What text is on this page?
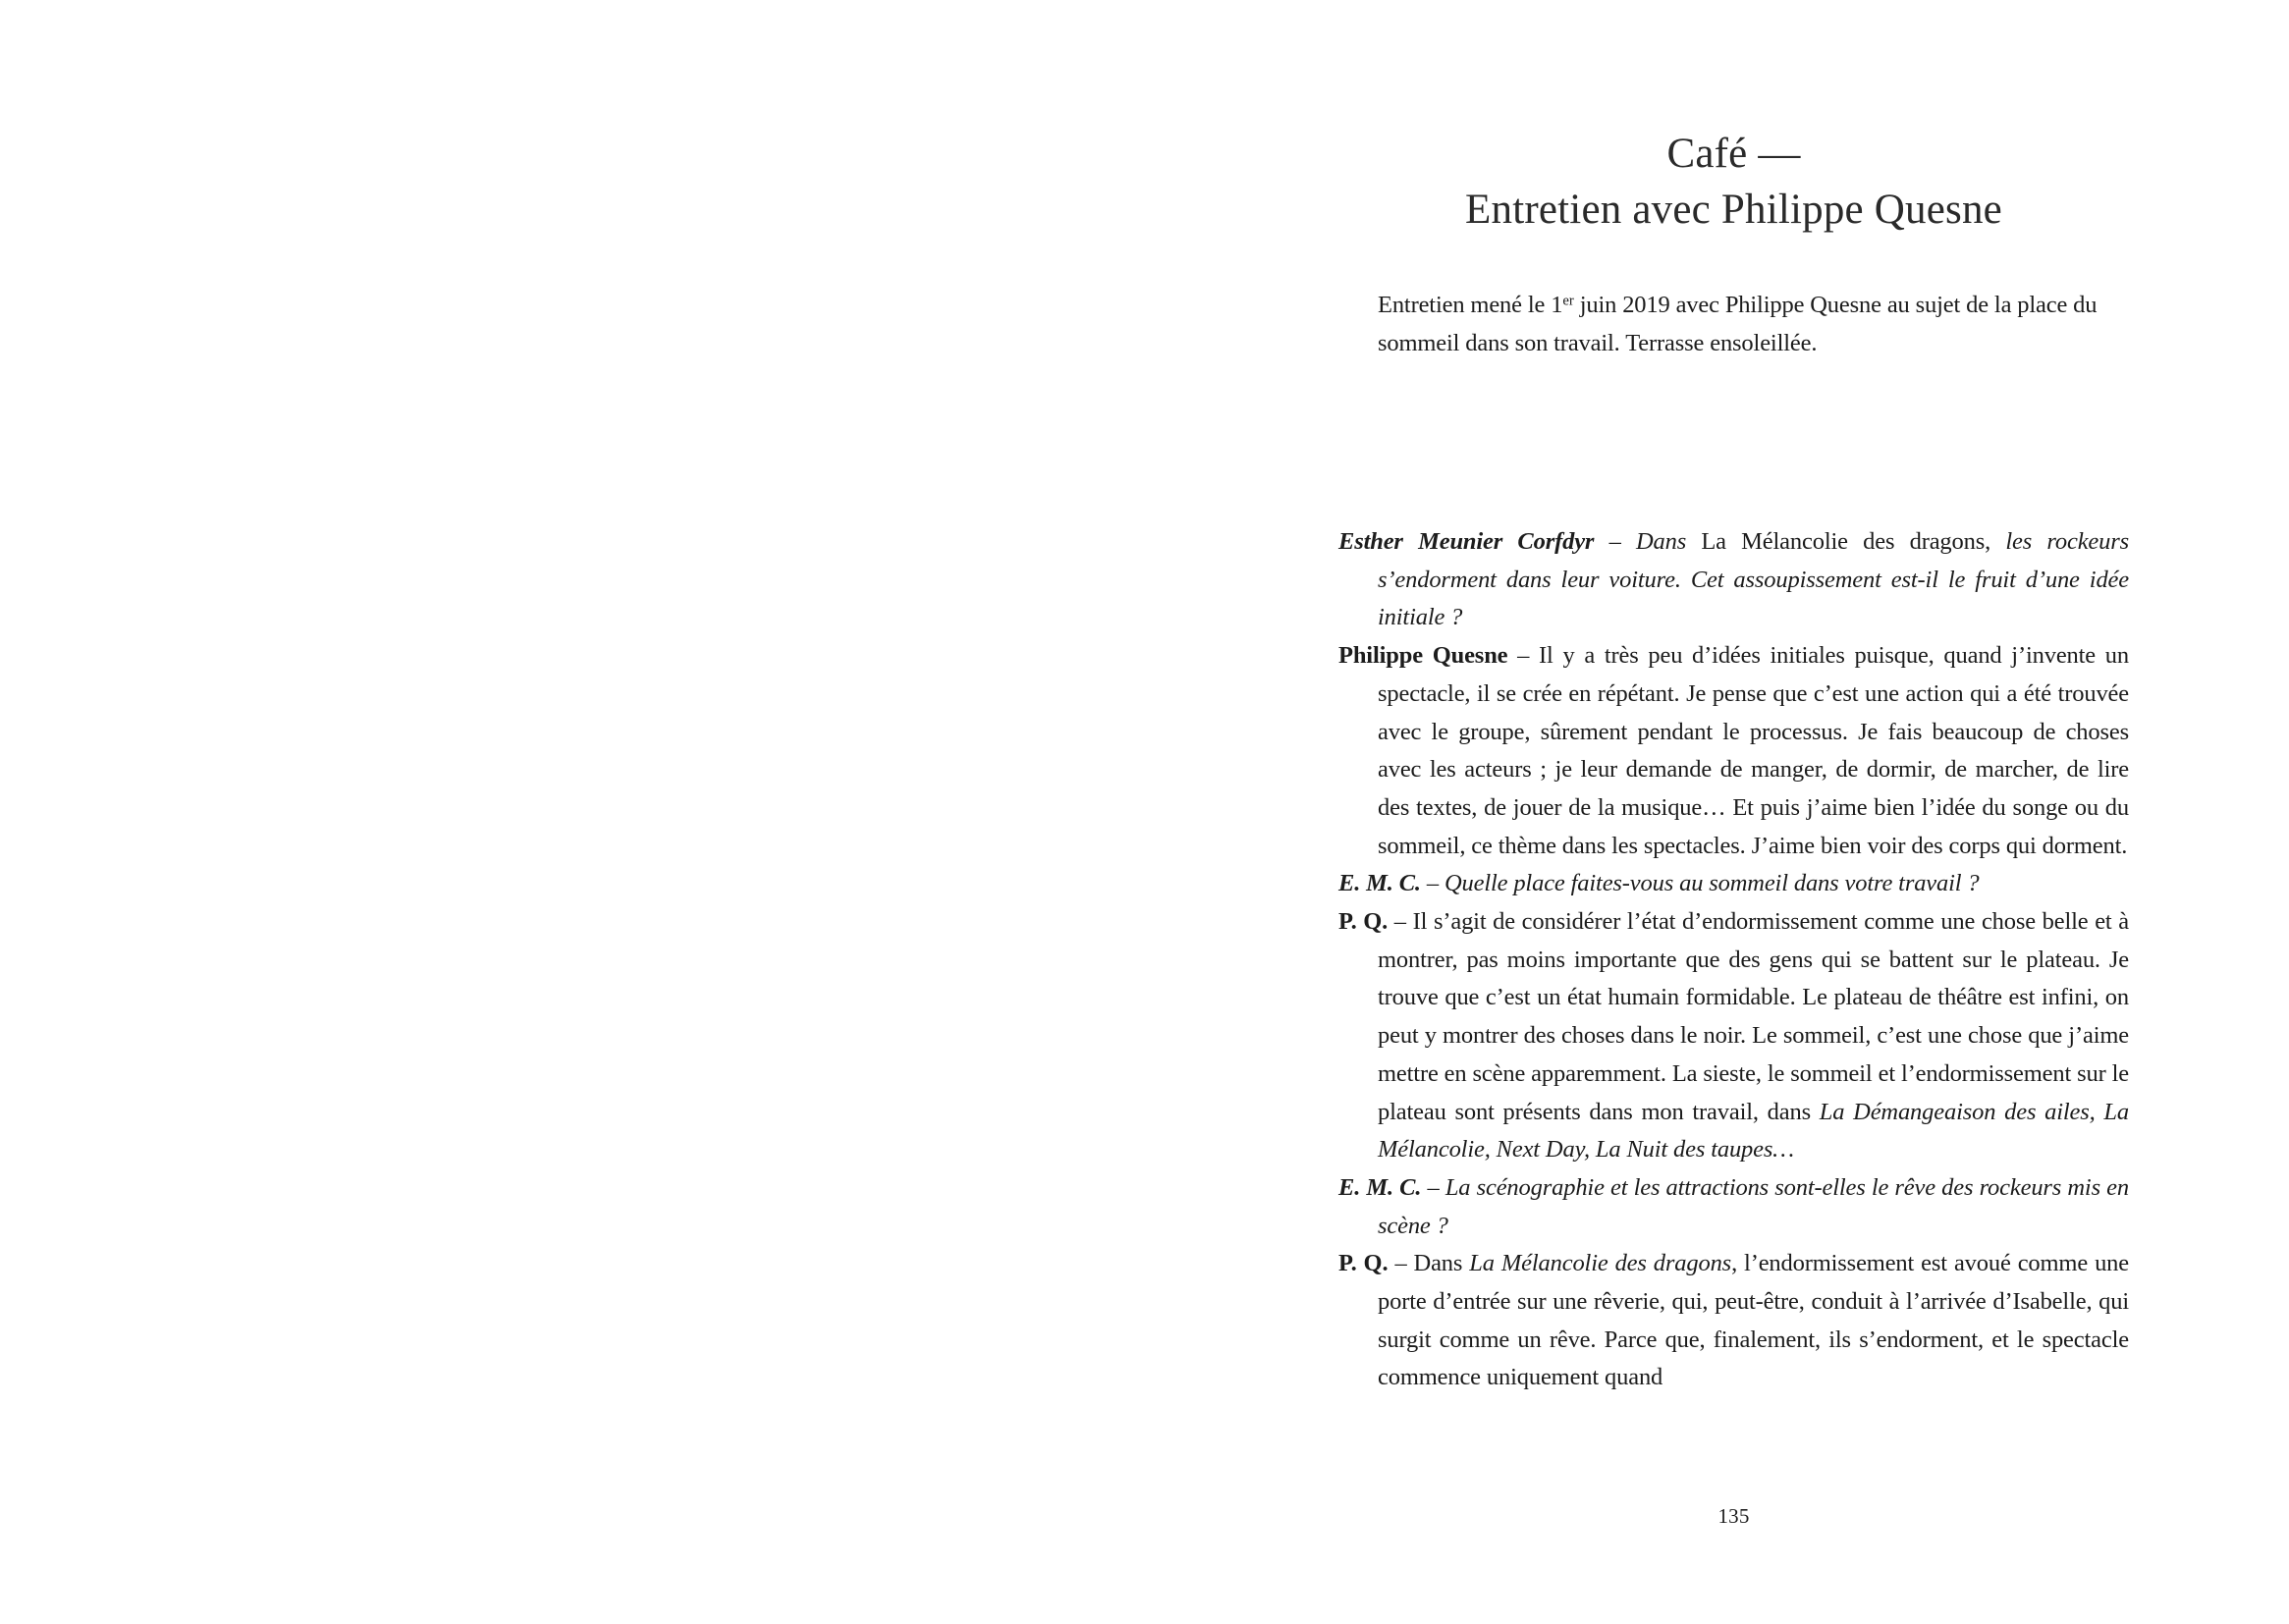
Café —
Entretien avec Philippe Quesne

Entretien mené le 1er juin 2019 avec Philippe Quesne au sujet de la place du sommeil dans son travail. Terrasse ensoleillée.

Esther Meunier Corfdyr – Dans La Mélancolie des dragons, les rockeurs s’endorment dans leur voiture. Cet assoupissement est-il le fruit d’une idée initiale ?

Philippe Quesne – Il y a très peu d’idées initiales puisque, quand j’invente un spectacle, il se crée en répétant. Je pense que c’est une action qui a été trouvée avec le groupe, sûrement pendant le processus. Je fais beaucoup de choses avec les acteurs ; je leur demande de manger, de dormir, de marcher, de lire des textes, de jouer de la musique… Et puis j’aime bien l’idée du songe ou du sommeil, ce thème dans les spectacles. J’aime bien voir des corps qui dorment.

E. M. C. – Quelle place faites-vous au sommeil dans votre travail ?

P. Q. – Il s’agit de considérer l’état d’endormissement comme une chose belle et à montrer, pas moins importante que des gens qui se battent sur le plateau. Je trouve que c’est un état humain formidable. Le plateau de théâtre est infini, on peut y montrer des choses dans le noir. Le sommeil, c’est une chose que j’aime mettre en scène apparemment. La sieste, le sommeil et l’endormissement sur le plateau sont présents dans mon travail, dans La Démangeaison des ailes, La Mélancolie, Next Day, La Nuit des taupes…

E. M. C. – La scénographie et les attractions sont-elles le rêve des rockeurs mis en scène ?

P. Q. – Dans La Mélancolie des dragons, l’endormissement est avoué comme une porte d’entrée sur une rêverie, qui, peut-être, conduit à l’arrivée d’Isabelle, qui surgit comme un rêve. Parce que, finalement, ils s’endorment, et le spectacle commence uniquement quand

135
